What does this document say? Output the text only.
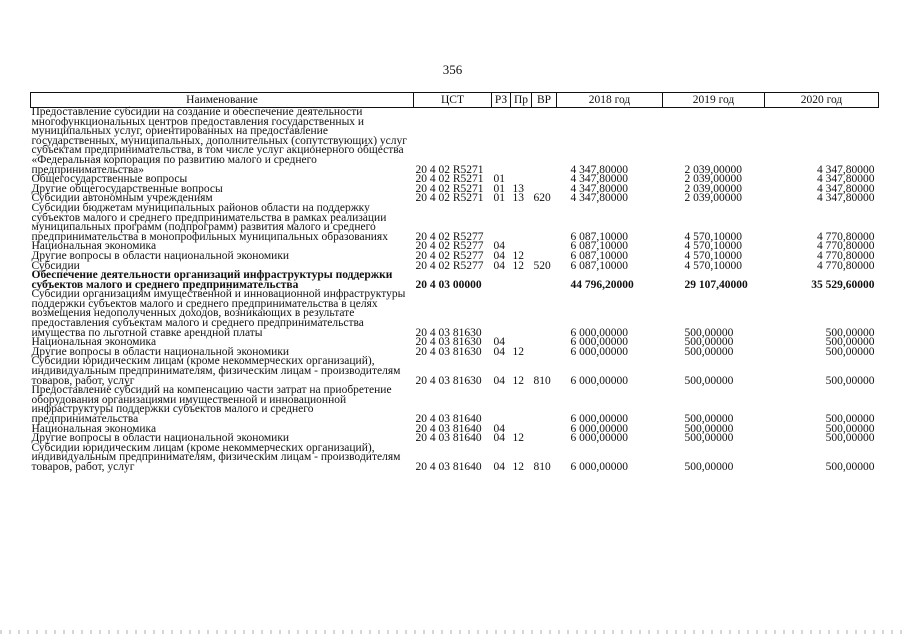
356
Наименование	ЦСТ	РЗ	Пр	ВР	2018 год	2019 год	2020 год
Предоставление субсидии на создание и обеспечение деятельности многофункциональных центров предоставления государственных и муниципальных услуг, ориентированных на предоставление государственных, муниципальных, дополнительных (сопутствующих) услуг субъектам предпринимательства, в том числе услуг акционерного общества «Федеральная корпорация по развитию малого и среднего предпринимательства»	20 4 02 R5271				4 347,80000	2 039,00000	4 347,80000
Общегосударственные вопросы	20 4 02 R5271	01			4 347,80000	2 039,00000	4 347,80000
Другие общегосударственные вопросы	20 4 02 R5271	01	13		4 347,80000	2 039,00000	4 347,80000
Субсидии автономным учреждениям	20 4 02 R5271	01	13	620	4 347,80000	2 039,00000	4 347,80000
Субсидии бюджетам муниципальных районов области на поддержку субъектов малого и среднего предпринимательства в рамках реализации муниципальных программ (подпрограмм) развития малого и среднего предпринимательства в монопрофильных муниципальных образованиях	20 4 02 R5277				6 087,10000	4 570,10000	4 770,80000
Национальная экономика	20 4 02 R5277	04			6 087,10000	4 570,10000	4 770,80000
Другие вопросы в области национальной экономики	20 4 02 R5277	04	12		6 087,10000	4 570,10000	4 770,80000
Субсидии	20 4 02 R5277	04	12	520	6 087,10000	4 570,10000	4 770,80000
Обеспечение деятельности организаций инфраструктуры поддержки субъектов малого и среднего предпринимательства	20 4 03 00000				44 796,20000	29 107,40000	35 529,60000
Субсидии организациям имущественной и инновационной инфраструктуры поддержки субъектов малого и среднего предпринимательства в целях возмещения недополученных доходов, возникающих в результате предоставления субъектам малого и среднего предпринимательства имущества по льготной ставке арендной платы	20 4 03 81630				6 000,00000	500,00000	500,00000
Национальная экономика	20 4 03 81630	04			6 000,00000	500,00000	500,00000
Другие вопросы в области национальной экономики	20 4 03 81630	04	12		6 000,00000	500,00000	500,00000
Субсидии юридическим лицам (кроме некоммерческих организаций), индивидуальным предпринимателям, физическим лицам - производителям товаров, работ, услуг	20 4 03 81630	04	12	810	6 000,00000	500,00000	500,00000
Предоставление субсидий на компенсацию части затрат на приобретение оборудования организациями имущественной и инновационной инфраструктуры поддержки субъектов малого и среднего предпринимательства	20 4 03 81640				6 000,00000	500,00000	500,00000
Национальная экономика	20 4 03 81640	04			6 000,00000	500,00000	500,00000
Другие вопросы в области национальной экономики	20 4 03 81640	04	12		6 000,00000	500,00000	500,00000
Субсидии юридическим лицам (кроме некоммерческих организаций), индивидуальным предпринимателям, физическим лицам - производителям товаров, работ, услуг	20 4 03 81640	04	12	810	6 000,00000	500,00000	500,00000
